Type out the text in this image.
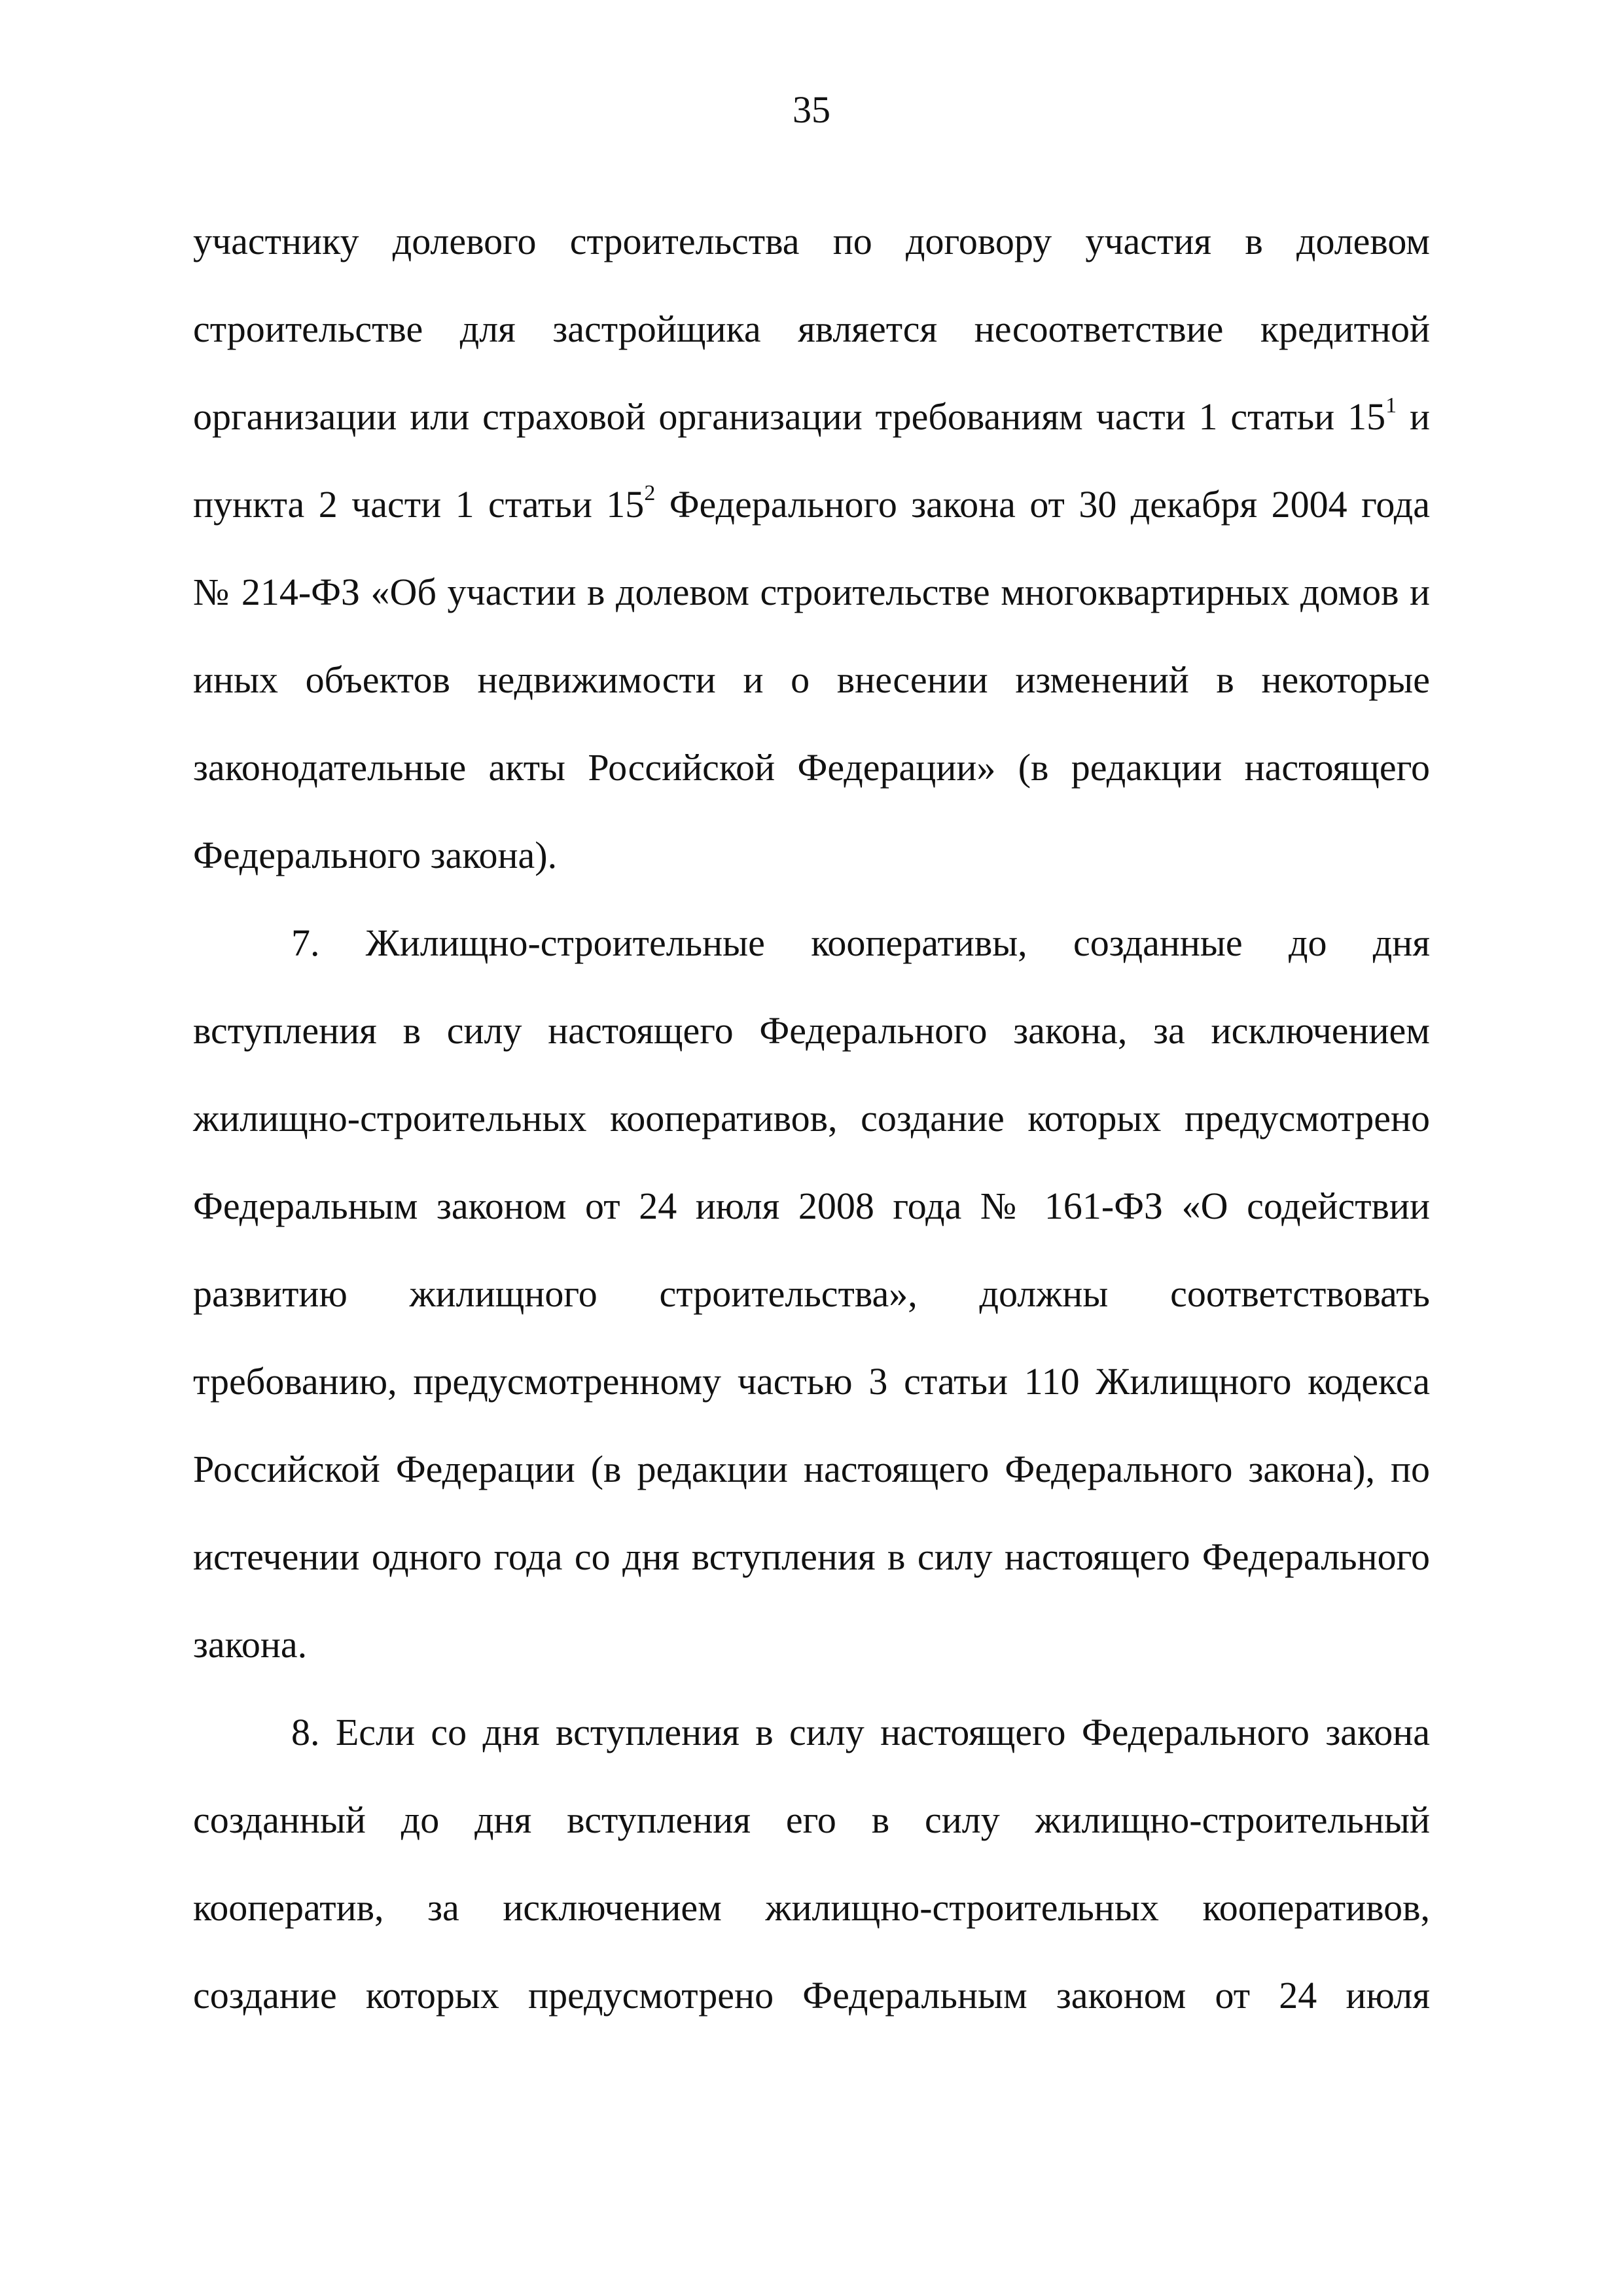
35
участнику долевого строительства по договору участия в долевом
строительстве для застройщика является несоответствие кредитной
организации или страховой организации требованиям части 1 статьи $15^1$ и
пункта 2 части 1 статьи $15^2$ Федерального закона от 30 декабря 2004 года
№ 214-ФЗ «Об участии в долевом строительстве многоквартирных домов и
иных объектов недвижимости и о внесении изменений в некоторые
законодательные акты Российской Федерации» (в редакции настоящего
Федерального закона).
7. Жилищно-строительные кооперативы, созданные до дня
вступления в силу настоящего Федерального закона, за исключением
жилищно-строительных кооперативов, создание которых предусмотрено
Федеральным законом от 24 июля 2008 года № 161-ФЗ «О содействии
развитию жилищного строительства», должны соответствовать
требованию, предусмотренному частью 3 статьи 110 Жилищного кодекса
Российской Федерации (в редакции настоящего Федерального закона), по
истечении одного года со дня вступления в силу настоящего Федерального
закона.
8. Если со дня вступления в силу настоящего Федерального закона
созданный до дня вступления его в силу жилищно-строительный
кооператив, за исключением жилищно-строительных кооперативов,
создание которых предусмотрено Федеральным законом от 24 июля
